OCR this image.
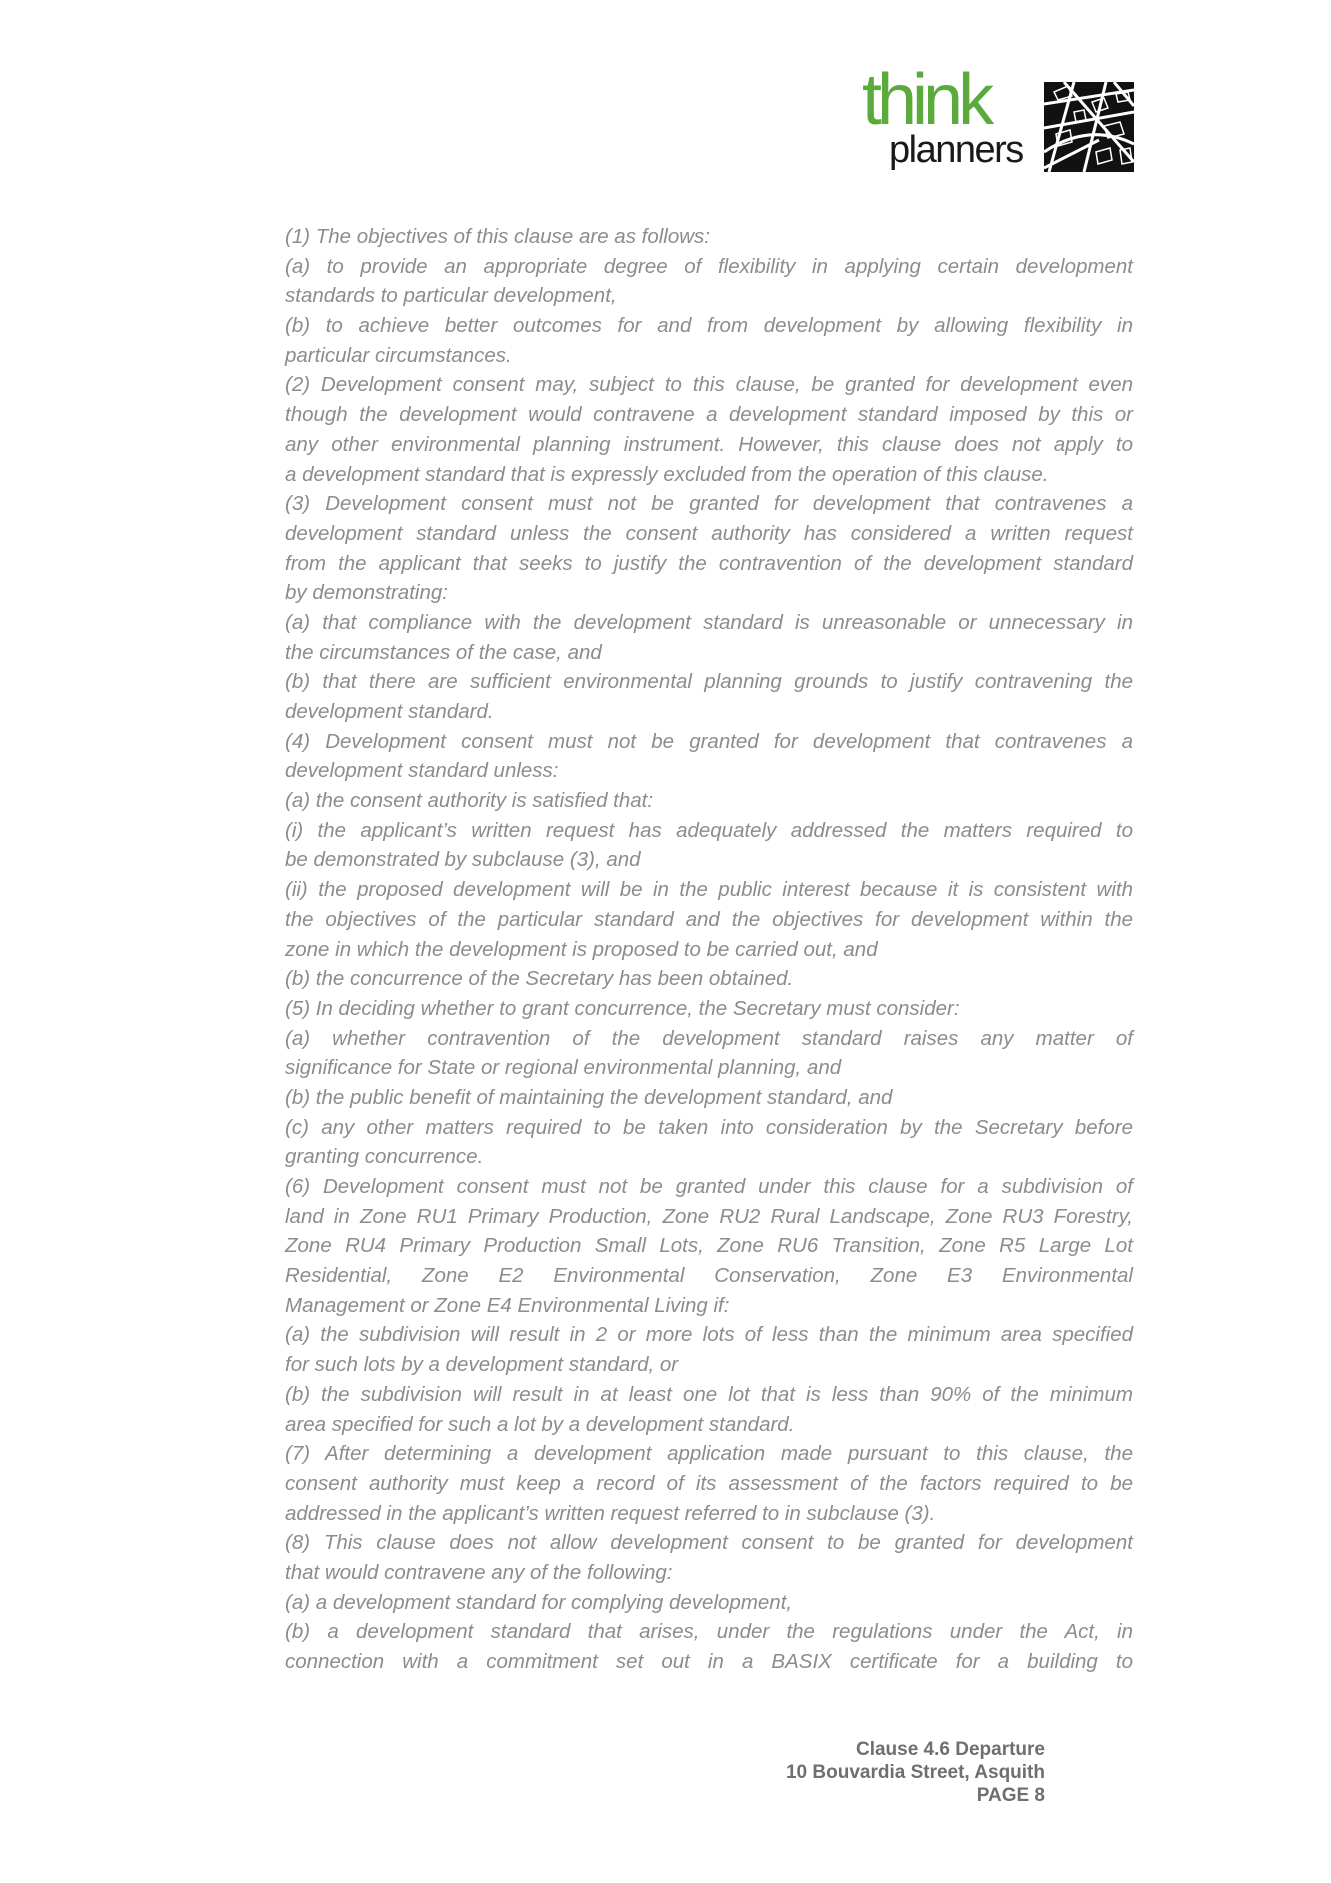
think
planners
(1) The objectives of this clause are as follows:
(a) to provide an appropriate degree of flexibility in applying certain development
standards to particular development,
(b) to achieve better outcomes for and from development by allowing flexibility in
particular circumstances.
(2) Development consent may, subject to this clause, be granted for development even
though the development would contravene a development standard imposed by this or
any other environmental planning instrument. However, this clause does not apply to
a development standard that is expressly excluded from the operation of this clause.
(3) Development consent must not be granted for development that contravenes a
development standard unless the consent authority has considered a written request
from the applicant that seeks to justify the contravention of the development standard
by demonstrating:
(a) that compliance with the development standard is unreasonable or unnecessary in
the circumstances of the case, and
(b) that there are sufficient environmental planning grounds to justify contravening the
development standard.
(4) Development consent must not be granted for development that contravenes a
development standard unless:
(a) the consent authority is satisfied that:
(i) the applicant’s written request has adequately addressed the matters required to
be demonstrated by subclause (3), and
(ii) the proposed development will be in the public interest because it is consistent with
the objectives of the particular standard and the objectives for development within the
zone in which the development is proposed to be carried out, and
(b) the concurrence of the Secretary has been obtained.
(5) In deciding whether to grant concurrence, the Secretary must consider:
(a) whether contravention of the development standard raises any matter of
significance for State or regional environmental planning, and
(b) the public benefit of maintaining the development standard, and
(c) any other matters required to be taken into consideration by the Secretary before
granting concurrence.
(6) Development consent must not be granted under this clause for a subdivision of
land in Zone RU1 Primary Production, Zone RU2 Rural Landscape, Zone RU3 Forestry,
Zone RU4 Primary Production Small Lots, Zone RU6 Transition, Zone R5 Large Lot
Residential, Zone E2 Environmental Conservation, Zone E3 Environmental
Management or Zone E4 Environmental Living if:
(a) the subdivision will result in 2 or more lots of less than the minimum area specified
for such lots by a development standard, or
(b) the subdivision will result in at least one lot that is less than 90% of the minimum
area specified for such a lot by a development standard.
(7) After determining a development application made pursuant to this clause, the
consent authority must keep a record of its assessment of the factors required to be
addressed in the applicant’s written request referred to in subclause (3).
(8) This clause does not allow development consent to be granted for development
that would contravene any of the following:
(a) a development standard for complying development,
(b) a development standard that arises, under the regulations under the Act, in
connection with a commitment set out in a BASIX certificate for a building to
Clause 4.6 Departure
10 Bouvardia Street, Asquith
PAGE 8
